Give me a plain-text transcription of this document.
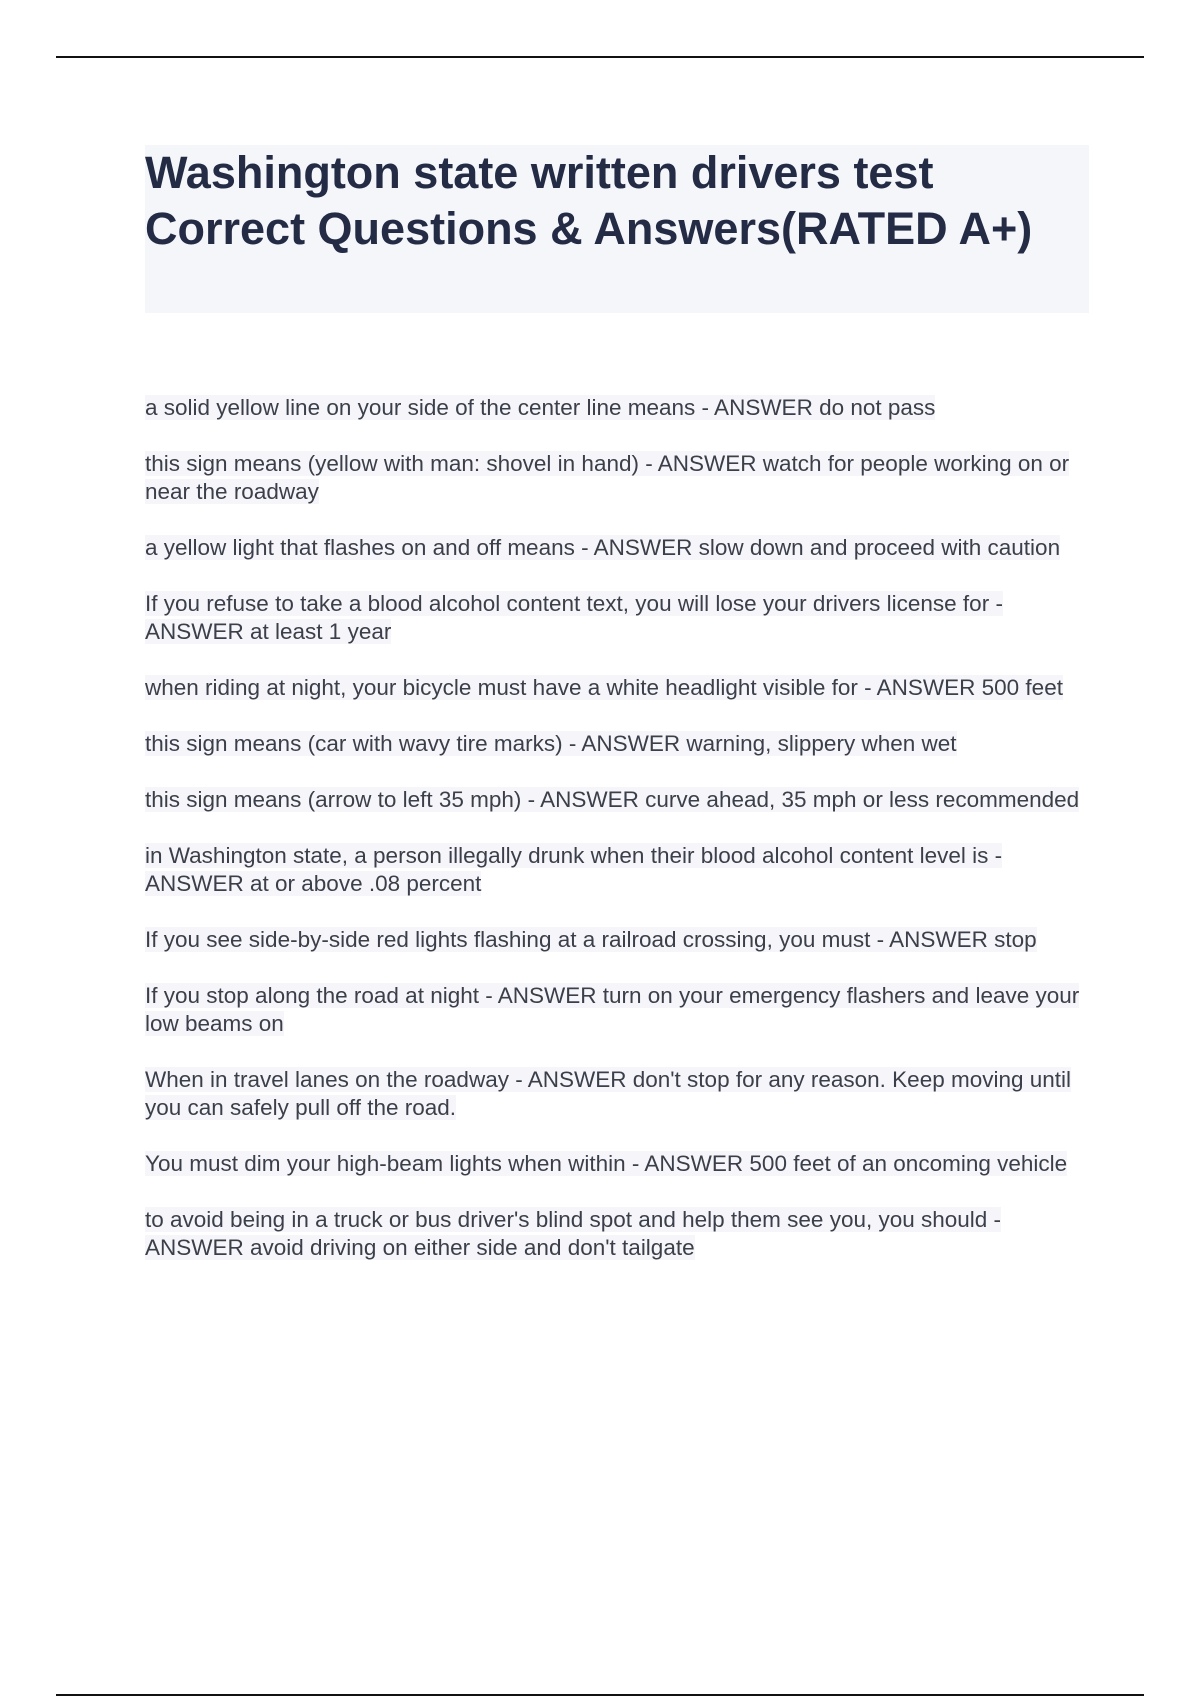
Washington state written drivers test Correct Questions & Answers(RATED A+)
a solid yellow line on your side of the center line means - ANSWER do not pass
this sign means (yellow with man: shovel in hand) - ANSWER watch for people working on or near the roadway
a yellow light that flashes on and off means - ANSWER slow down and proceed with caution
If you refuse to take a blood alcohol content text, you will lose your drivers license for - ANSWER at least 1 year
when riding at night, your bicycle must have a white headlight visible for - ANSWER 500 feet
this sign means (car with wavy tire marks) - ANSWER warning, slippery when wet
this sign means (arrow to left 35 mph) - ANSWER curve ahead, 35 mph or less recommended
in Washington state, a person illegally drunk when their blood alcohol content level is - ANSWER at or above .08 percent
If you see side-by-side red lights flashing at a railroad crossing, you must - ANSWER stop
If you stop along the road at night - ANSWER turn on your emergency flashers and leave your low beams on
When in travel lanes on the roadway - ANSWER don't stop for any reason. Keep moving until you can safely pull off the road.
You must dim your high-beam lights when within - ANSWER 500 feet of an oncoming vehicle
to avoid being in a truck or bus driver's blind spot and help them see you, you should - ANSWER avoid driving on either side and don't tailgate
